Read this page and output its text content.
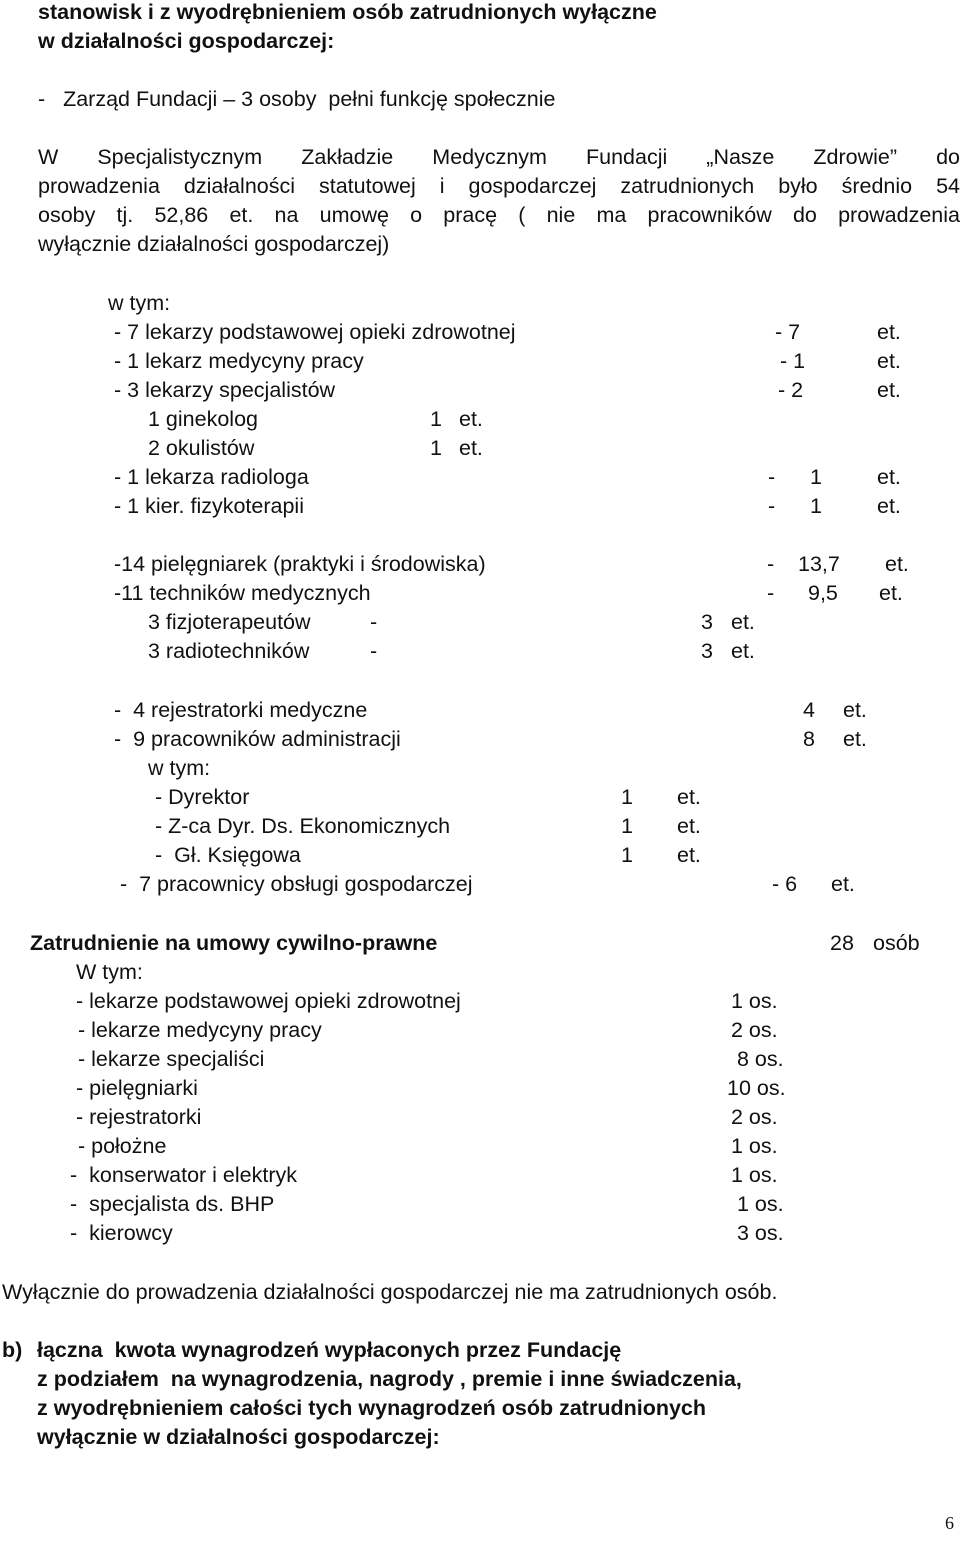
stanowisk i z wyodrębnieniem osób zatrudnionych wyłączne
w działalności gospodarczej:
-   Zarząd Fundacji – 3 osoby  pełni funkcję społecznie
W Specjalistycznym Zakładzie Medycznym Fundacji „Nasze Zdrowie” do
prowadzenia działalności statutowej i gospodarczej zatrudnionych było średnio 54
osoby tj. 52,86 et. na umowę o pracę ( nie ma pracowników do prowadzenia
wyłącznie działalności gospodarczej)
w tym:
- 7 lekarzy podstawowej opieki zdrowotnej	- 7	et.
- 1 lekarz medycyny pracy	- 1	et.
- 3 lekarzy specjalistów	- 2	et.
1 ginekolog	1 et.
2 okulistów	1 et.
- 1 lekarza radiologa	- 1	et.
- 1 kier. fizykoterapii	- 1	et.
-14 pielęgniarek (praktyki i środowiska)	- 13,7 et.
-11 techników medycznych	- 9,5 et.
3 fizjoterapeutów	-	3 et.
3 radiotechników	-	3 et.
-  4 rejestratorki medyczne	4 et.
-  9 pracowników administracji	8 et.
w tym:
- Dyrektor	1 et.
- Z-ca Dyr. Ds. Ekonomicznych	1 et.
-  Gł. Księgowa	1 et.
-  7 pracownicy obsługi gospodarczej	- 6 et.
Zatrudnienie na umowy cywilno-prawne	28 osób
W tym:
- lekarze podstawowej opieki zdrowotnej	1 os.
- lekarze medycyny pracy	2 os.
- lekarze specjaliści	8 os.
- pielęgniarki	10 os.
- rejestratorki	2 os.
- położne	1 os.
-  konserwator i elektryk	1 os.
-  specjalista ds. BHP	1 os.
-  kierowcy	3 os.
Wyłącznie do prowadzenia działalności gospodarczej nie ma zatrudnionych osób.
b) łączna  kwota wynagrodzeń wypłaconych przez Fundację
z podziałem  na wynagrodzenia, nagrody , premie i inne świadczenia,
z wyodrębnieniem całości tych wynagrodzeń osób zatrudnionych
wyłącznie w działalności gospodarczej:
6
